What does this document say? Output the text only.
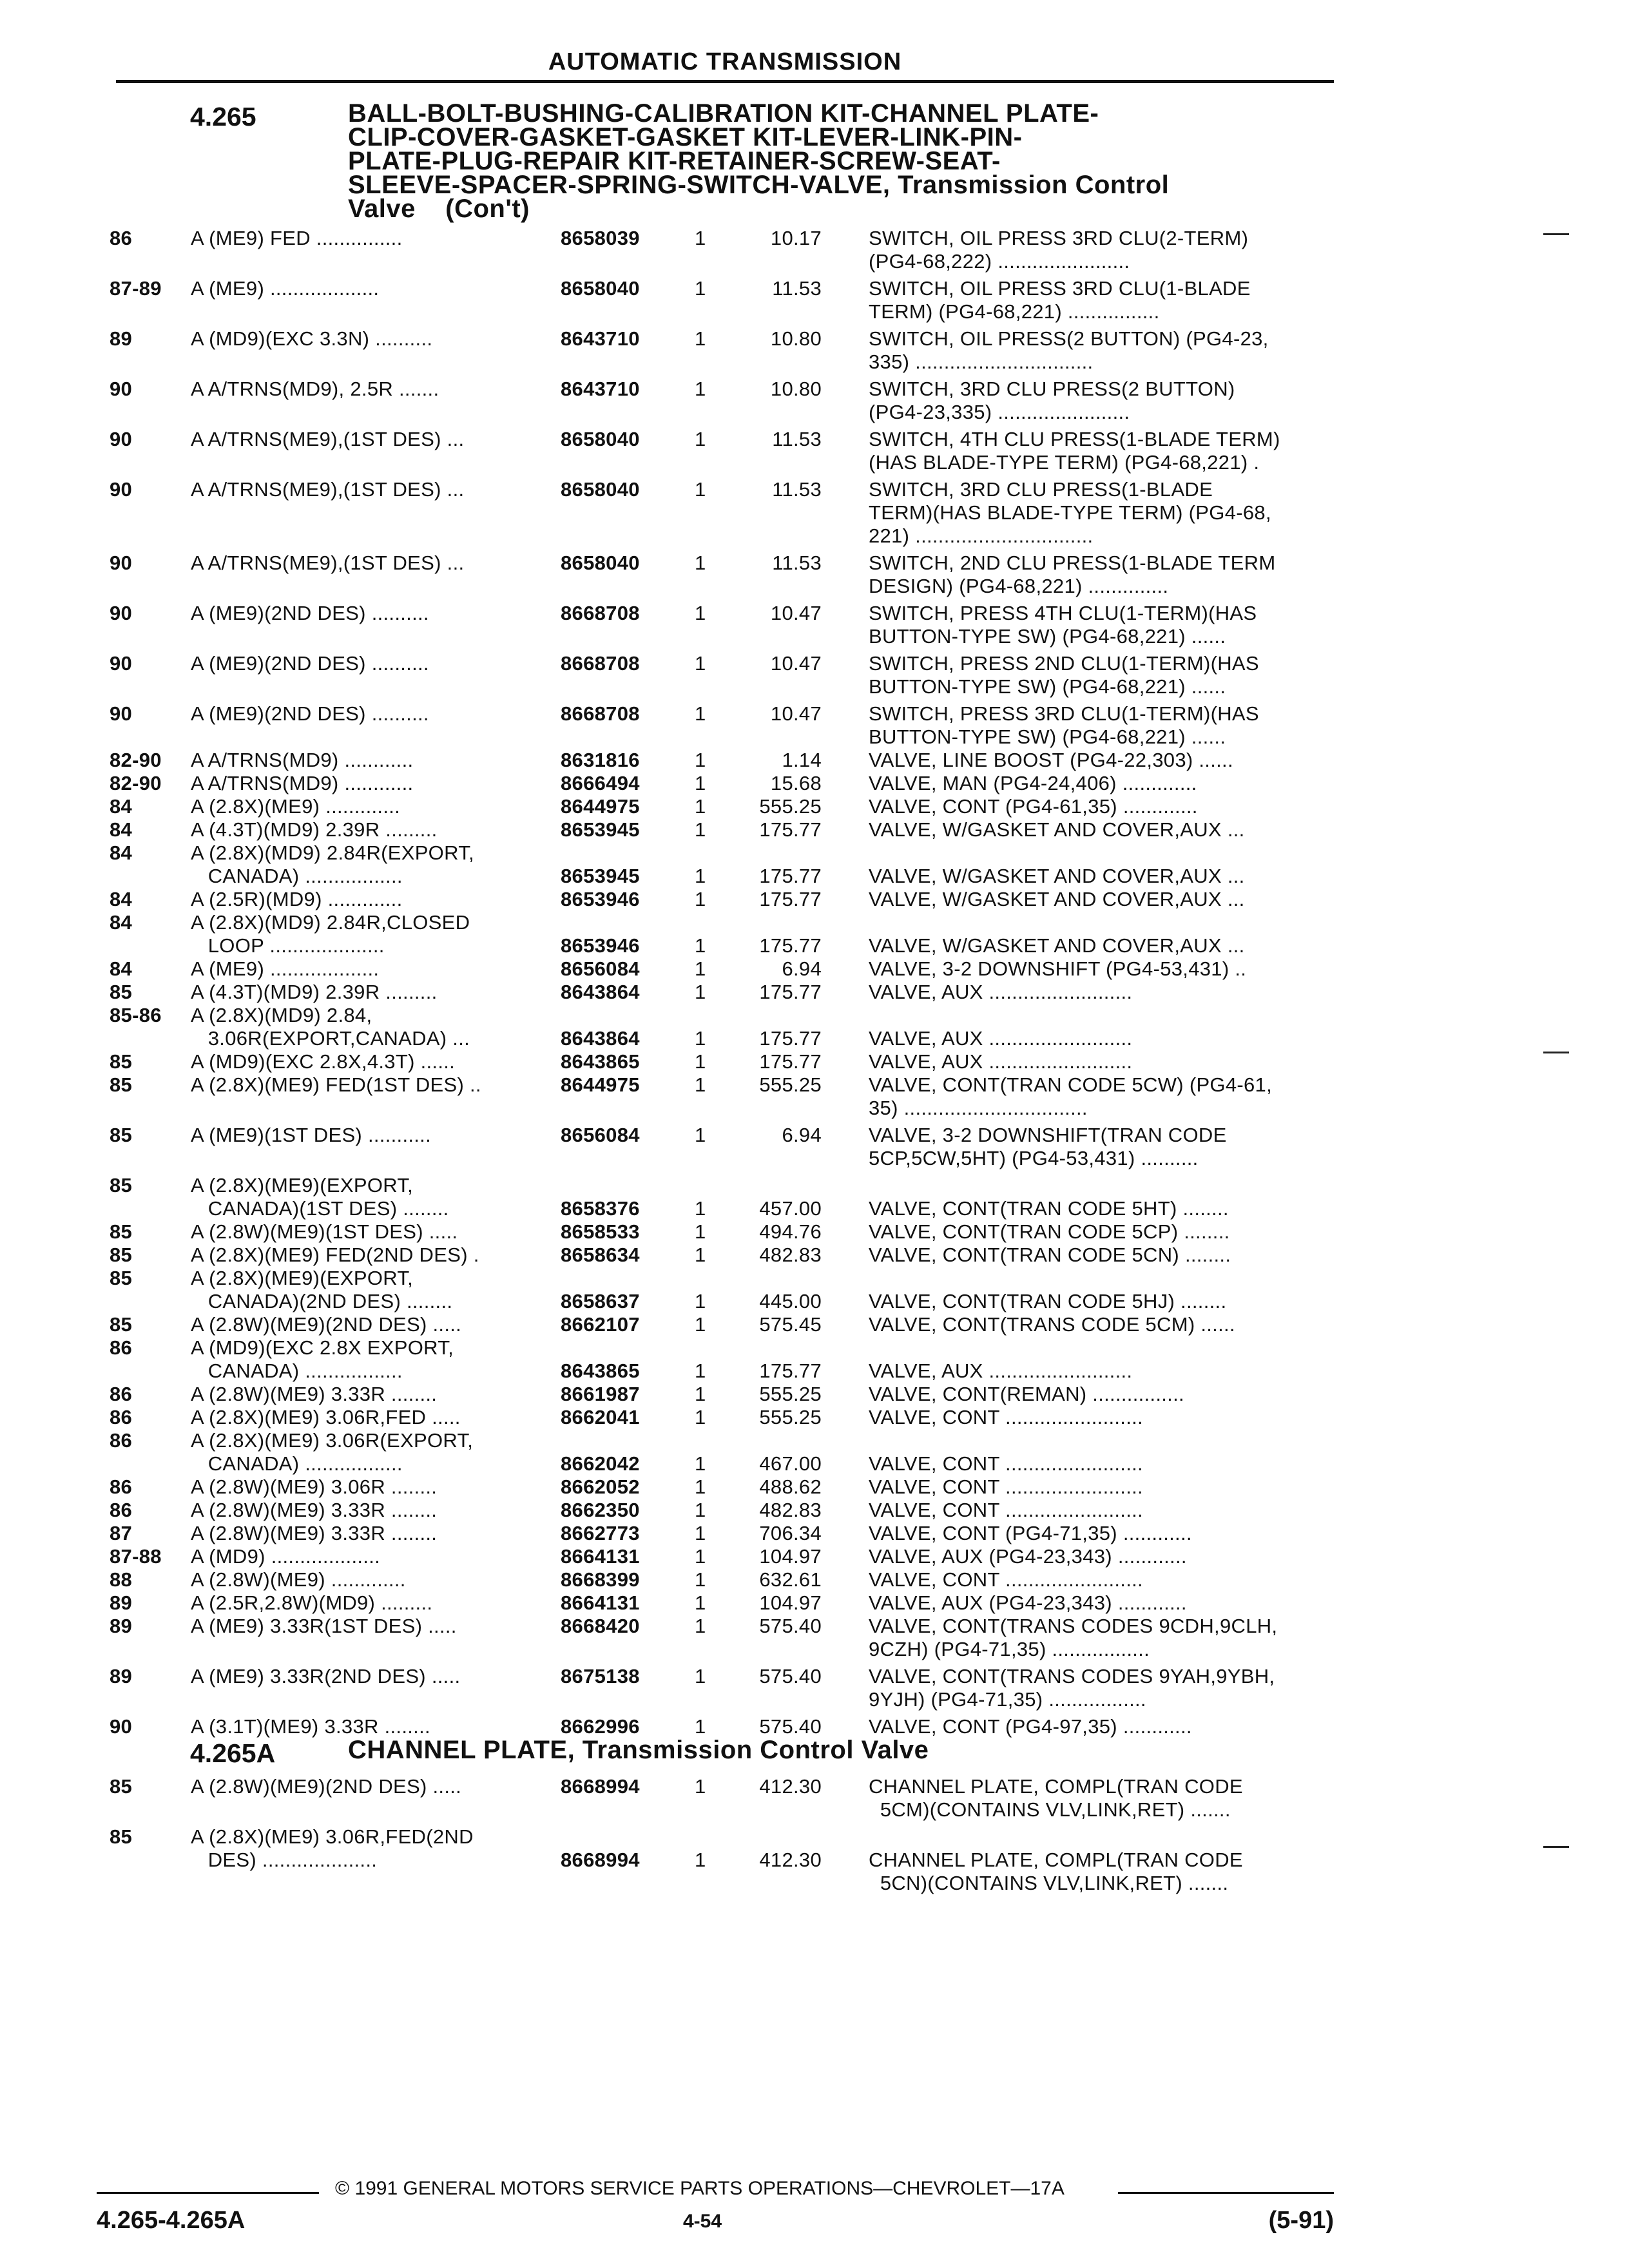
AUTOMATIC TRANSMISSION
4.265	BALL-BOLT-BUSHING-CALIBRATION KIT-CHANNEL PLATE-
CLIP-COVER-GASKET-GASKET KIT-LEVER-LINK-PIN-
PLATE-PLUG-REPAIR KIT-RETAINER-SCREW-SEAT-
SLEEVE-SPACER-SPRING-SWITCH-VALVE, Transmission Control
Valve    (Con't)
86	A (ME9) FED ...............	8658039	1	10.17 SWITCH, OIL PRESS 3RD CLU(2-TERM)
(PG4-68,222) .......................
87-89	A (ME9) ...................	8658040	1	11.53 SWITCH, OIL PRESS 3RD CLU(1-BLADE
TERM) (PG4-68,221) ................
89	A (MD9)(EXC 3.3N) ..........	8643710	1	10.80 SWITCH, OIL PRESS(2 BUTTON) (PG4-23,
335) ...............................
90	A A/TRNS(MD9), 2.5R .......	8643710	1	10.80 SWITCH, 3RD CLU PRESS(2 BUTTON)
(PG4-23,335) .......................
90	A A/TRNS(ME9),(1ST DES) ...	8658040	1	11.53 SWITCH, 4TH CLU PRESS(1-BLADE TERM)
(HAS BLADE-TYPE TERM) (PG4-68,221) .
90	A A/TRNS(ME9),(1ST DES) ...	8658040	1	11.53 SWITCH, 3RD CLU PRESS(1-BLADE
TERM)(HAS BLADE-TYPE TERM) (PG4-68,
221) ...............................
90	A A/TRNS(ME9),(1ST DES) ...	8658040	1	11.53 SWITCH, 2ND CLU PRESS(1-BLADE TERM
DESIGN) (PG4-68,221) ..............
90	A (ME9)(2ND DES) ..........	8668708	1	10.47 SWITCH, PRESS 4TH CLU(1-TERM)(HAS
BUTTON-TYPE SW) (PG4-68,221) ......
90	A (ME9)(2ND DES) ..........	8668708	1	10.47 SWITCH, PRESS 2ND CLU(1-TERM)(HAS
BUTTON-TYPE SW) (PG4-68,221) ......
90	A (ME9)(2ND DES) ..........	8668708	1	10.47 SWITCH, PRESS 3RD CLU(1-TERM)(HAS
BUTTON-TYPE SW) (PG4-68,221) ......
82-90	A A/TRNS(MD9) ............	8631816	1	1.14 VALVE, LINE BOOST (PG4-22,303) ......
82-90	A A/TRNS(MD9) ............	8666494	1	15.68 VALVE, MAN (PG4-24,406) .............
84	A (2.8X)(ME9) .............	8644975	1	555.25 VALVE, CONT (PG4-61,35) .............
84	A (4.3T)(MD9) 2.39R .........	8653945	1	175.77 VALVE, W/GASKET AND COVER,AUX ...
84	A (2.8X)(MD9) 2.84R(EXPORT,
CANADA) .................	8653945	1	175.77 VALVE, W/GASKET AND COVER,AUX ...
84	A (2.5R)(MD9) .............	8653946	1	175.77 VALVE, W/GASKET AND COVER,AUX ...
84	A (2.8X)(MD9) 2.84R,CLOSED
LOOP ....................	8653946	1	175.77 VALVE, W/GASKET AND COVER,AUX ...
84	A (ME9) ...................	8656084	1	6.94 VALVE, 3-2 DOWNSHIFT (PG4-53,431) ..
85	A (4.3T)(MD9) 2.39R .........	8643864	1	175.77 VALVE, AUX .........................
85-86	A (2.8X)(MD9) 2.84,
3.06R(EXPORT,CANADA) ...	8643864	1	175.77 VALVE, AUX .........................
85	A (MD9)(EXC 2.8X,4.3T) ......	8643865	1	175.77 VALVE, AUX .........................
85	A (2.8X)(ME9) FED(1ST DES) ..	8644975	1	555.25 VALVE, CONT(TRAN CODE 5CW) (PG4-61,
35) ................................
85	A (ME9)(1ST DES) ...........	8656084	1	6.94 VALVE, 3-2 DOWNSHIFT(TRAN CODE
5CP,5CW,5HT) (PG4-53,431) ..........
85	A (2.8X)(ME9)(EXPORT,
CANADA)(1ST DES) ........	8658376	1	457.00 VALVE, CONT(TRAN CODE 5HT) ........
85	A (2.8W)(ME9)(1ST DES) .....	8658533	1	494.76 VALVE, CONT(TRAN CODE 5CP) ........
85	A (2.8X)(ME9) FED(2ND DES) .	8658634	1	482.83 VALVE, CONT(TRAN CODE 5CN) ........
85	A (2.8X)(ME9)(EXPORT,
CANADA)(2ND DES) ........	8658637	1	445.00 VALVE, CONT(TRAN CODE 5HJ) ........
85	A (2.8W)(ME9)(2ND DES) .....	8662107	1	575.45 VALVE, CONT(TRANS CODE 5CM) ......
86	A (MD9)(EXC 2.8X EXPORT,
CANADA) .................	8643865	1	175.77 VALVE, AUX .........................
86	A (2.8W)(ME9) 3.33R ........	8661987	1	555.25 VALVE, CONT(REMAN) ................
86	A (2.8X)(ME9) 3.06R,FED .....	8662041	1	555.25 VALVE, CONT ........................
86	A (2.8X)(ME9) 3.06R(EXPORT,
CANADA) .................	8662042	1	467.00 VALVE, CONT ........................
86	A (2.8W)(ME9) 3.06R ........	8662052	1	488.62 VALVE, CONT ........................
86	A (2.8W)(ME9) 3.33R ........	8662350	1	482.83 VALVE, CONT ........................
87	A (2.8W)(ME9) 3.33R ........	8662773	1	706.34 VALVE, CONT (PG4-71,35) ............
87-88	A (MD9) ...................	8664131	1	104.97 VALVE, AUX (PG4-23,343) ............
88	A (2.8W)(ME9) .............	8668399	1	632.61 VALVE, CONT ........................
89	A (2.5R,2.8W)(MD9) .........	8664131	1	104.97 VALVE, AUX (PG4-23,343) ............
89	A (ME9) 3.33R(1ST DES) .....	8668420	1	575.40 VALVE, CONT(TRANS CODES 9CDH,9CLH,
9CZH) (PG4-71,35) .................
89	A (ME9) 3.33R(2ND DES) .....	8675138	1	575.40 VALVE, CONT(TRANS CODES 9YAH,9YBH,
9YJH) (PG4-71,35) .................
90	A (3.1T)(ME9) 3.33R ........	8662996	1	575.40 VALVE, CONT (PG4-97,35) ............
4.265A	CHANNEL PLATE, Transmission Control Valve
85	A (2.8W)(ME9)(2ND DES) .....	8668994	1	412.30 CHANNEL PLATE, COMPL(TRAN CODE
5CM)(CONTAINS VLV,LINK,RET) .......
85	A (2.8X)(ME9) 3.06R,FED(2ND
DES) ....................	8668994	1	412.30 CHANNEL PLATE, COMPL(TRAN CODE
5CN)(CONTAINS VLV,LINK,RET) .......
© 1991 GENERAL MOTORS SERVICE PARTS OPERATIONS—CHEVROLET—17A
4.265-4.265A	4-54	(5-91)
